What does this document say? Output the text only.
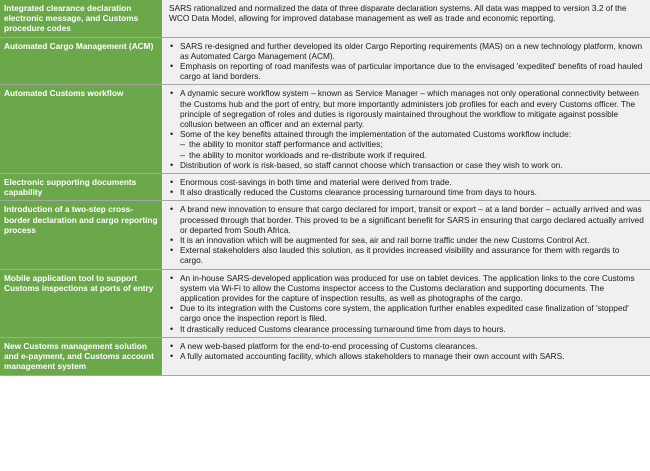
Integrated clearance declaration electronic message, and Customs procedure codes

SARS rationalized and normalized the data of three disparate declaration systems. All data was mapped to version 3.2 of the WCO Data Model, allowing for improved database management as well as trade and economic reporting.

Automated Cargo Management (ACM)	• SARS re-designed and further developed its older Cargo Reporting requirements (MAS) on a new technology platform, known as Automated Cargo Management (ACM).
• Emphasis on reporting of road manifests was of particular importance due to the envisaged 'expedited' benefits of road hauled cargo at land borders.
Automated Customs workflow	• A dynamic secure workflow system – known as Service Manager – which manages not only operational connectivity between the Customs hub and the port of entry, but more importantly administers job profiles for each and every Customs officer. The principle of segregation of roles and duties is rigorously maintained throughout the workflow to mitigate against possible collusion between an officer and an external party.
• Some of the key benefits attained through the implementation of the automated Customs workflow include:
– the ability to monitor staff performance and activities;
– the ability to monitor workloads and re-distribute work if required.
• Distribution of work is risk-based, so staff cannot choose which transaction or case they wish to work on.
Electronic supporting documents capability
• Enormous cost-savings in both time and material were derived from trade.
• It also drastically reduced the Customs clearance processing turnaround time from days to hours.
Introduction of a two-step cross-border declaration and cargo reporting process
• A brand new innovation to ensure that cargo declared for import, transit or export – at a land border – actually arrived and was processed through that border. This proved to be a significant benefit for SARS in ensuring that cargo declared actually arrived or departed from South Africa.
• It is an innovation which will be augmented for sea, air and rail borne traffic under the new Customs Control Act.
• External stakeholders also lauded this solution, as it provides increased visibility and assurance for them with regards to cargo.
Mobile application tool to support Customs inspections at ports of entry
• An in-house SARS-developed application was produced for use on tablet devices. The application links to the core Customs system via Wi-Fi to allow the Customs inspector access to the Customs declaration and supporting documents. The application provides for the capture of inspection results, as well as photographs of the cargo.
• Due to its integration with the Customs core system, the application further enables expedited case finalization of 'stopped' cargo once the inspection report is filed.
• It drastically reduced Customs clearance processing turnaround time from days to hours.
New Customs management solution and e-payment, and Customs account management system
• A new web-based platform for the end-to-end processing of Customs clearances.
• A fully automated accounting facility, which allows stakeholders to manage their own account with SARS.
